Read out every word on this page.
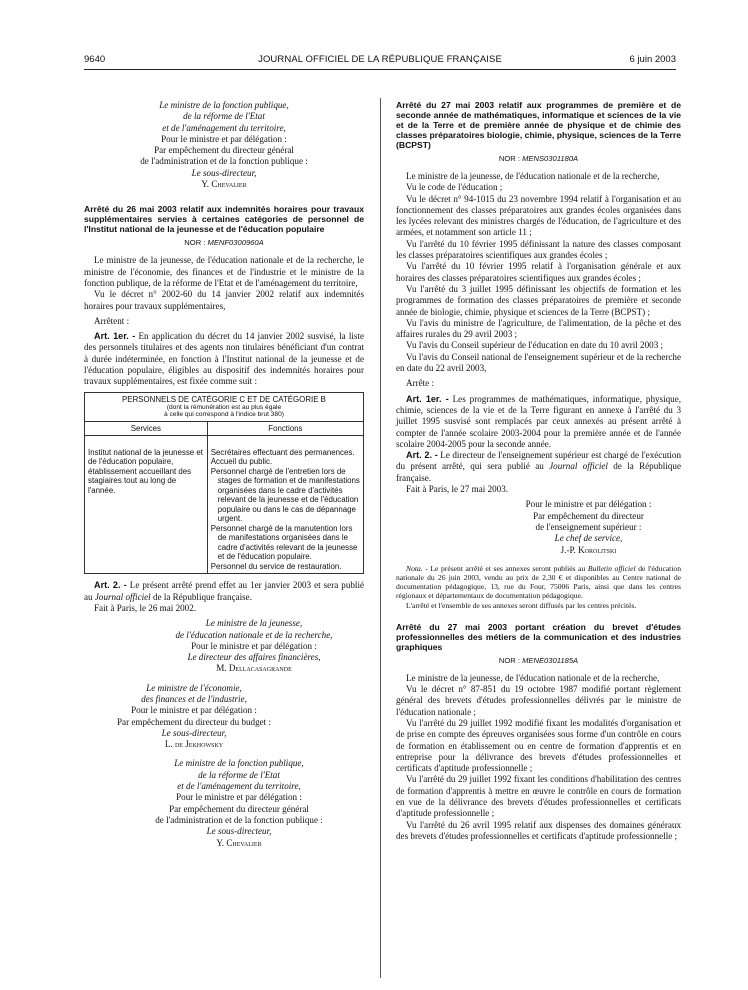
9640	JOURNAL OFFICIEL DE LA RÉPUBLIQUE FRANÇAISE	6 juin 2003

Le ministre de la fonction publique,

de la réforme de l'Etat

et de l'aménagement du territoire,

Pour le ministre et par délégation :

Par empêchement du directeur général

de l'administration et de la fonction publique :

Le sous-directeur,

Y. Chevalier

Arrêté du 26 mai 2003 relatif aux indemnités horaires pour travaux supplémentaires servies à certaines catégories de personnel de l'Institut national de la jeunesse et de l'éducation populaire

NOR : MENF0300960A

Le ministre de la jeunesse, de l'éducation nationale et de la recherche, le ministre de l'économie, des finances et de l'industrie et le ministre de la fonction publique, de la réforme de l'Etat et de l'aménagement du territoire,

Vu le décret n° 2002-60 du 14 janvier 2002 relatif aux indemnités horaires pour travaux supplémentaires,

Arrêtent :

Art. 1er. - En application du décret du 14 janvier 2002 susvisé, la liste des personnels titulaires et des agents non titulaires bénéficiant d'un contrat à durée indéterminée, en fonction à l'Institut national de la jeunesse et de l'éducation populaire, éligibles au dispositif des indemnités horaires pour travaux supplémentaires, est fixée comme suit :

PERSONNELS DE CATÉGORIE C ET DE CATÉGORIE B
(dont la rémunération est au plus égale
à celle qui correspond à l'indice brut 380)	

Services	Fonctions
Institut national de la jeunesse et de l'éducation populaire, établissement accueillant des stagiaires tout au long de l'année.	Secrétaires effectuant des permanences.
Accueil du public.
Personnel chargé de l'entretien lors de stages de formation et de manifestations organisées dans le cadre d'activités relevant de la jeunesse et de l'éducation populaire ou dans le cas de dépannage urgent.
Personnel chargé de la manutention lors de manifestations organisées dans le cadre d'activités relevant de la jeunesse et de l'éducation populaire.
Personnel du service de restauration.

Art. 2. - Le présent arrêté prend effet au 1er janvier 2003 et sera publié au Journal officiel de la République française.

Fait à Paris, le 26 mai 2002.

Le ministre de la jeunesse,

de l'éducation nationale et de la recherche,

Pour le ministre et par délégation :

Le directeur des affaires financières,

M. Dellacasagrande

Le ministre de l'économie,

des finances et de l'industrie,

Pour le ministre et par délégation :

Par empêchement du directeur du budget :

Le sous-directeur,

L. de Jekhowsky

Le ministre de la fonction publique,

de la réforme de l'Etat

et de l'aménagement du territoire,

Pour le ministre et par délégation :

Par empêchement du directeur général

de l'administration et de la fonction publique :

Le sous-directeur,

Y. Chevalier

Arrêté du 27 mai 2003 relatif aux programmes de première et de seconde année de mathématiques, informatique et sciences de la vie et de la Terre et de première année de physique et de chimie des classes préparatoires biologie, chimie, physique, sciences de la Terre (BCPST)

NOR : MENS0301180A

Le ministre de la jeunesse, de l'éducation nationale et de la recherche,

Vu le code de l'éducation ;

Vu le décret n° 94-1015 du 23 novembre 1994 relatif à l'organisation et au fonctionnement des classes préparatoires aux grandes écoles organisées dans les lycées relevant des ministres chargés de l'éducation, de l'agriculture et des armées, et notamment son article 11 ;

Vu l'arrêté du 10 février 1995 définissant la nature des classes composant les classes préparatoires scientifiques aux grandes écoles ;

Vu l'arrêté du 10 février 1995 relatif à l'organisation générale et aux horaires des classes préparatoires scientifiques aux grandes écoles ;

Vu l'arrêté du 3 juillet 1995 définissant les objectifs de formation et les programmes de formation des classes préparatoires de première et seconde année de biologie, chimie, physique et sciences de la Terre (BCPST) ;

Vu l'avis du ministre de l'agriculture, de l'alimentation, de la pêche et des affaires rurales du 29 avril 2003 ;

Vu l'avis du Conseil supérieur de l'éducation en date du 10 avril 2003 ;

Vu l'avis du Conseil national de l'enseignement supérieur et de la recherche en date du 22 avril 2003,

Arrête :

Art. 1er. - Les programmes de mathématiques, informatique, physique, chimie, sciences de la vie et de la Terre figurant en annexe à l'arrêté du 3 juillet 1995 susvisé sont remplacés par ceux annexés au présent arrêté à compter de l'année scolaire 2003-2004 pour la première année et de l'année scolaire 2004-2005 pour la seconde année.

Art. 2. - Le directeur de l'enseignement supérieur est chargé de l'exécution du présent arrêté, qui sera publié au Journal officiel de la République française.

Fait à Paris, le 27 mai 2003.

Pour le ministre et par délégation :

Par empêchement du directeur

de l'enseignement supérieur :

Le chef de service,

J.-P. Korolitski

Nota. - Le présent arrêté et ses annexes seront publiés au Bulletin officiel de l'éducation nationale du 26 juin 2003, vendu au prix de 2,30 € et disponibles au Centre national de documentation pédagogique, 13, rue du Four, 75006 Paris, ainsi que dans les centres régionaux et départementaux de documentation pédagogique.

L'arrêté et l'ensemble de ses annexes seront diffusés par les centres précités.

Arrêté du 27 mai 2003 portant création du brevet d'études professionnelles des métiers de la communication et des industries graphiques

NOR : MENE0301185A

Le ministre de la jeunesse, de l'éducation nationale et de la recherche,

Vu le décret n° 87-851 du 19 octobre 1987 modifié portant règlement général des brevets d'études professionnelles délivrés par le ministre de l'éducation nationale ;

Vu l'arrêté du 29 juillet 1992 modifié fixant les modalités d'organisation et de prise en compte des épreuves organisées sous forme d'un contrôle en cours de formation en établissement ou en centre de formation d'apprentis et en entreprise pour la délivrance des brevets d'études professionnelles et certificats d'aptitude professionnelle ;

Vu l'arrêté du 29 juillet 1992 fixant les conditions d'habilitation des centres de formation d'apprentis à mettre en œuvre le contrôle en cours de formation en vue de la délivrance des brevets d'études professionnelles et certificats d'aptitude professionnelle ;

Vu l'arrêté du 26 avril 1995 relatif aux dispenses des domaines généraux des brevets d'études professionnelles et certificats d'aptitude professionnelle ;
